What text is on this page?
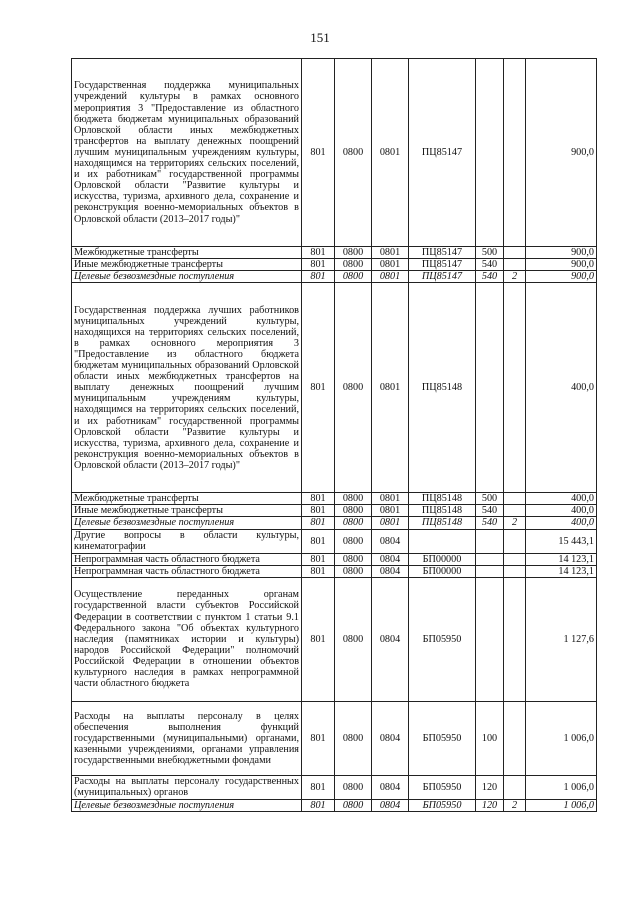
151
Государственная поддержка муниципальных учреждений культуры в рамках основного мероприятия 3 "Предоставление из областного бюджета бюджетам муниципальных образований Орловской области иных межбюджетных трансфертов на выплату денежных поощрений лучшим муниципальным учреждениям культуры, находящимся на территориях сельских поселений, и их работникам" государственной программы Орловской области "Развитие культуры и искусства, туризма, архивного дела, сохранение и реконструкция военно-мемориальных объектов в Орловской области (2013–2017 годы)"	801	0800	0801	ПЦ85147			900,0
Межбюджетные трансферты	801	0800	0801	ПЦ85147	500		900,0
Иные межбюджетные трансферты	801	0800	0801	ПЦ85147	540		900,0
Целевые безвозмездные поступления	801	0800	0801	ПЦ85147	540	2	900,0
Государственная поддержка лучших работников муниципальных учреждений культуры, находящихся на территориях сельских поселений, в рамках основного мероприятия 3 "Предоставление из областного бюджета бюджетам муниципальных образований Орловской области иных межбюджетных трансфертов на выплату денежных поощрений лучшим муниципальным учреждениям культуры, находящимся на территориях сельских поселений, и их работникам" государственной программы Орловской области "Развитие культуры и искусства, туризма, архивного дела, сохранение и реконструкция военно-мемориальных объектов в Орловской области (2013–2017 годы)"	801	0800	0801	ПЦ85148			400,0
Межбюджетные трансферты	801	0800	0801	ПЦ85148	500		400,0
Иные межбюджетные трансферты	801	0800	0801	ПЦ85148	540		400,0
Целевые безвозмездные поступления	801	0800	0801	ПЦ85148	540	2	400,0
Другие вопросы в области культуры, кинематографии	801	0800	0804				15 443,1
Непрограммная часть областного бюджета	801	0800	0804	БП00000			14 123,1
Непрограммная часть областного бюджета	801	0800	0804	БП00000			14 123,1
Осуществление переданных органам государственной власти субъектов Российской Федерации в соответствии с пунктом 1 статьи 9.1 Федерального закона "Об объектах культурного наследия (памятниках истории и культуры) народов Российской Федерации" полномочий Российской Федерации в отношении объектов культурного наследия в рамках непрограммной части областного бюджета	801	0800	0804	БП05950			1 127,6
Расходы на выплаты персоналу в целях обеспечения выполнения функций государственными (муниципальными) органами, казенными учреждениями, органами управления государственными внебюджетными фондами	801	0800	0804	БП05950	100		1 006,0
Расходы на выплаты персоналу государственных (муниципальных) органов	801	0800	0804	БП05950	120		1 006,0
Целевые безвозмездные поступления	801	0800	0804	БП05950	120	2	1 006,0
